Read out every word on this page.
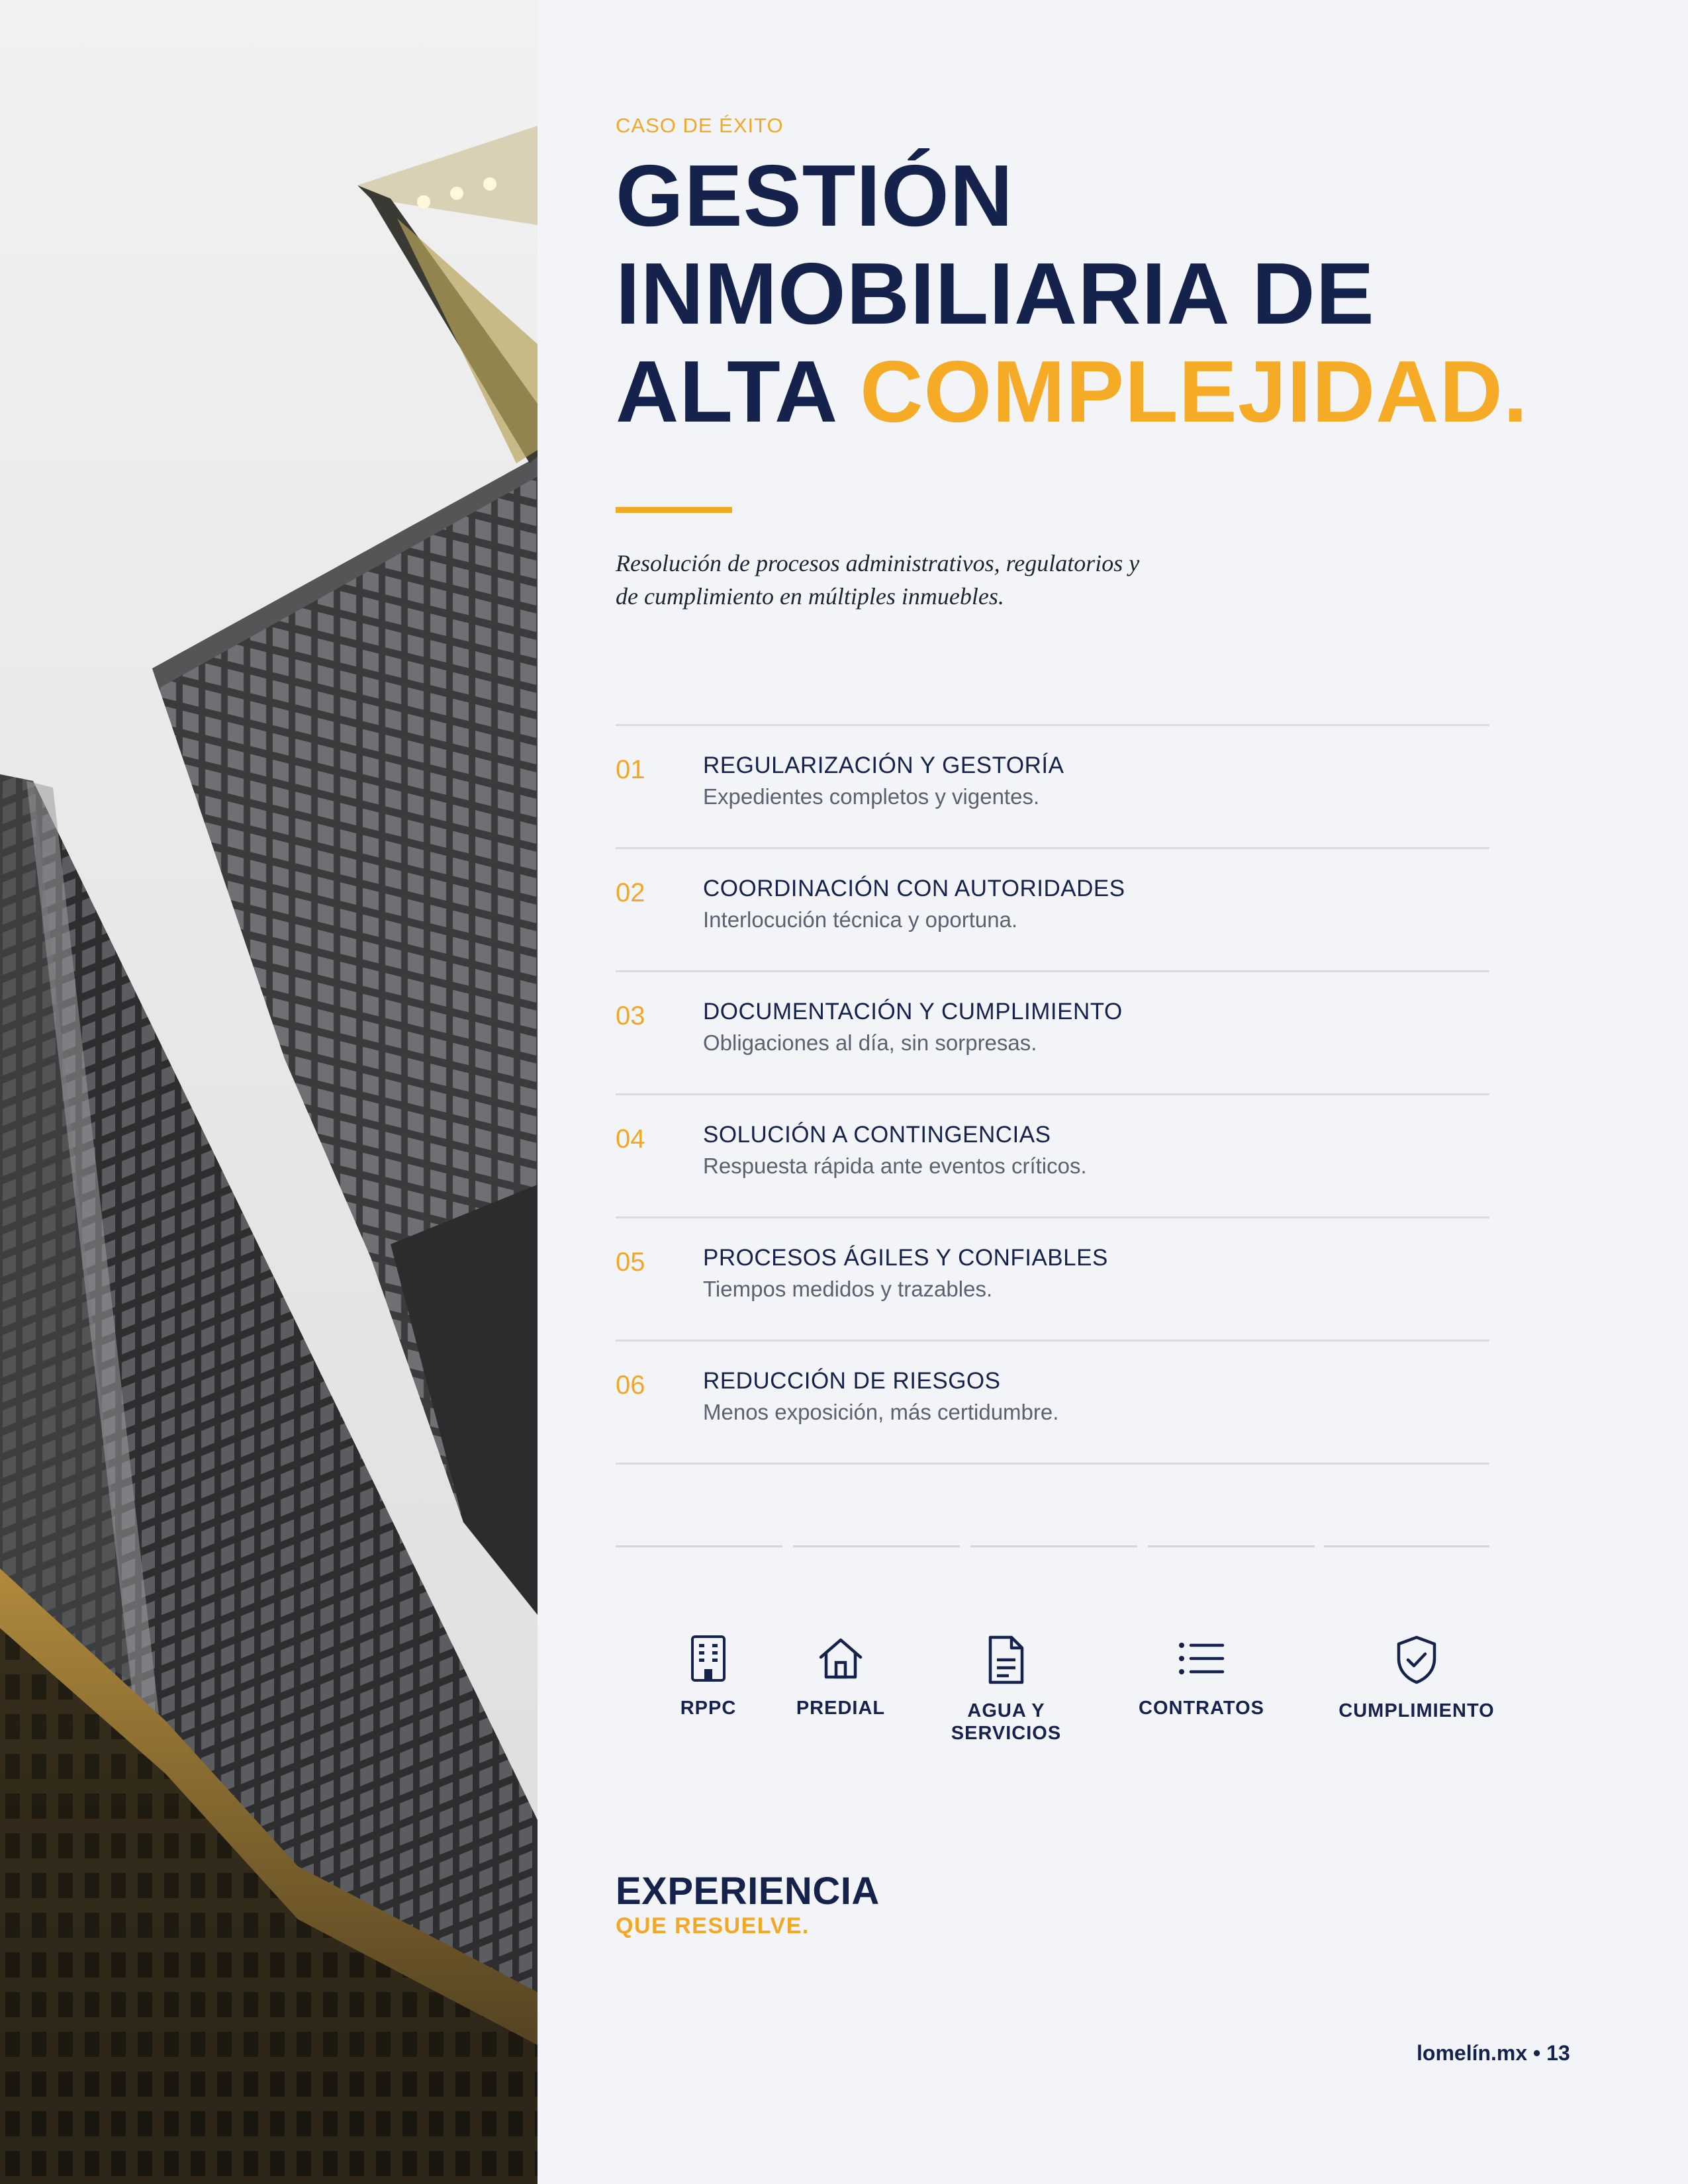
CASO DE ÉXITO
GESTIÓN
INMOBILIARIA DE
ALTA COMPLEJIDAD.
Resolución de procesos administrativos, regulatorios y
de cumplimiento en múltiples inmuebles.
01	REGULARIZACIÓN Y GESTORÍA
Expedientes completos y vigentes.
02	COORDINACIÓN CON AUTORIDADES
Interlocución técnica y oportuna.
03	DOCUMENTACIÓN Y CUMPLIMIENTO
Obligaciones al día, sin sorpresas.
04	SOLUCIÓN A CONTINGENCIAS
Respuesta rápida ante eventos críticos.
05	PROCESOS ÁGILES Y CONFIABLES
Tiempos medidos y trazables.
06	REDUCCIÓN DE RIESGOS
Menos exposición, más certidumbre.
RPPC	PREDIAL	AGUA Y
SERVICIOS
CONTRATOS	CUMPLIMIENTO
EXPERIENCIA
QUE RESUELVE.
lomelín.mx • 13
